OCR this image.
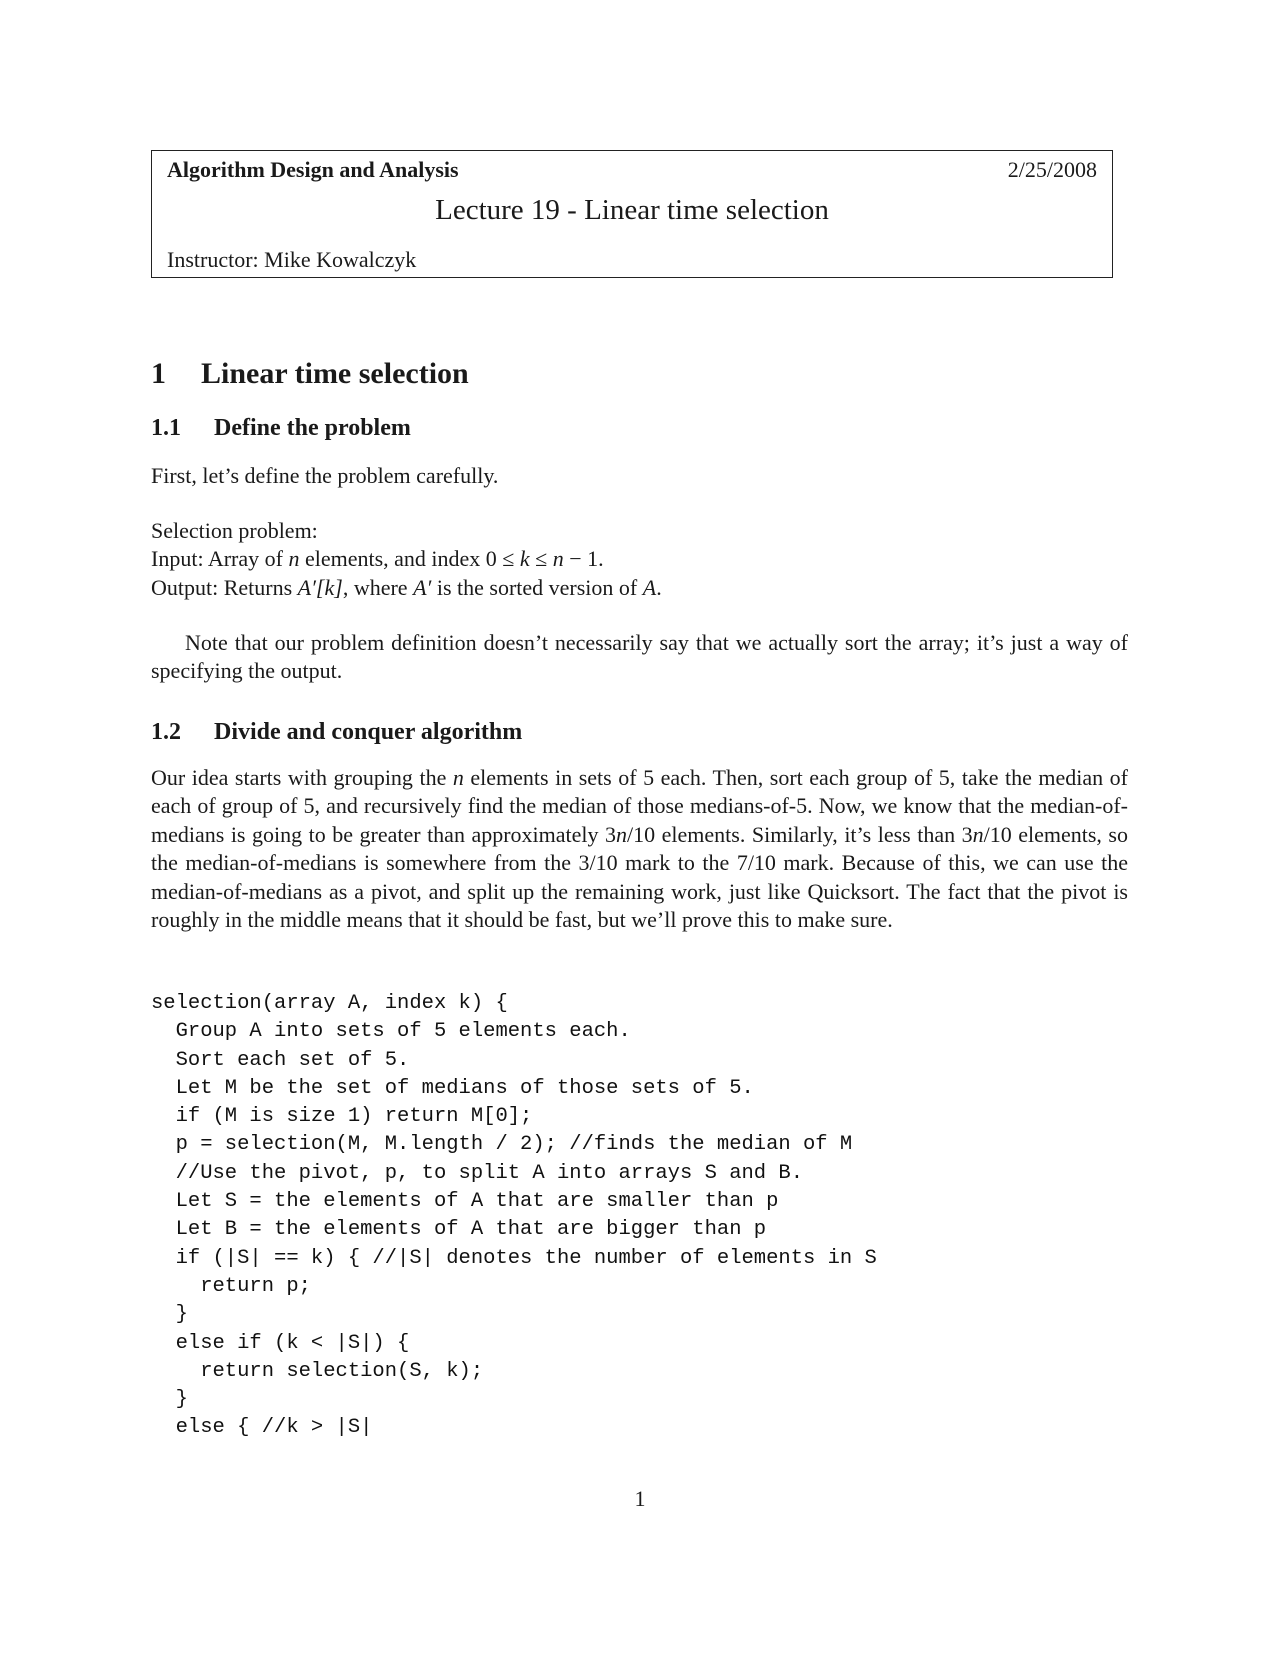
Algorithm Design and Analysis	2/25/2008
Lecture 19 - Linear time selection
Instructor: Mike Kowalczyk
1 Linear time selection
1.1 Define the problem
First, let’s define the problem carefully.
Selection problem:
Input: Array of n elements, and index 0 ≤ k ≤ n − 1.
Output: Returns A′[k], where A′ is the sorted version of A.

Note that our problem definition doesn’t necessarily say that we actually sort the array; it’s just a way of specifying the output.

1.2 Divide and conquer algorithm

Our idea starts with grouping the n elements in sets of 5 each. Then, sort each group of 5, take the median of each of group of 5, and recursively find the median of those medians-of-5. Now, we know that the median-of-medians is going to be greater than approximately 3n/10 elements. Similarly, it’s less than 3n/10 elements, so the median-of-medians is somewhere from the 3/10 mark to the 7/10 mark. Because of this, we can use the median-of-medians as a pivot, and split up the remaining work, just like Quicksort. The fact that the pivot is roughly in the middle means that it should be fast, but we’ll prove this to make sure.

selection(array A, index k) {
Group A into sets of 5 elements each.
Sort each set of 5.
Let M be the set of medians of those sets of 5.
if (M is size 1) return M[0];
p = selection(M, M.length / 2); //finds the median of M
//Use the pivot, p, to split A into arrays S and B.
Let S = the elements of A that are smaller than p
Let B = the elements of A that are bigger than p
if (|S| == k) { //|S| denotes the number of elements in S
return p;
}
else if (k < |S|) {
return selection(S, k);
}
else { //k > |S|
1
